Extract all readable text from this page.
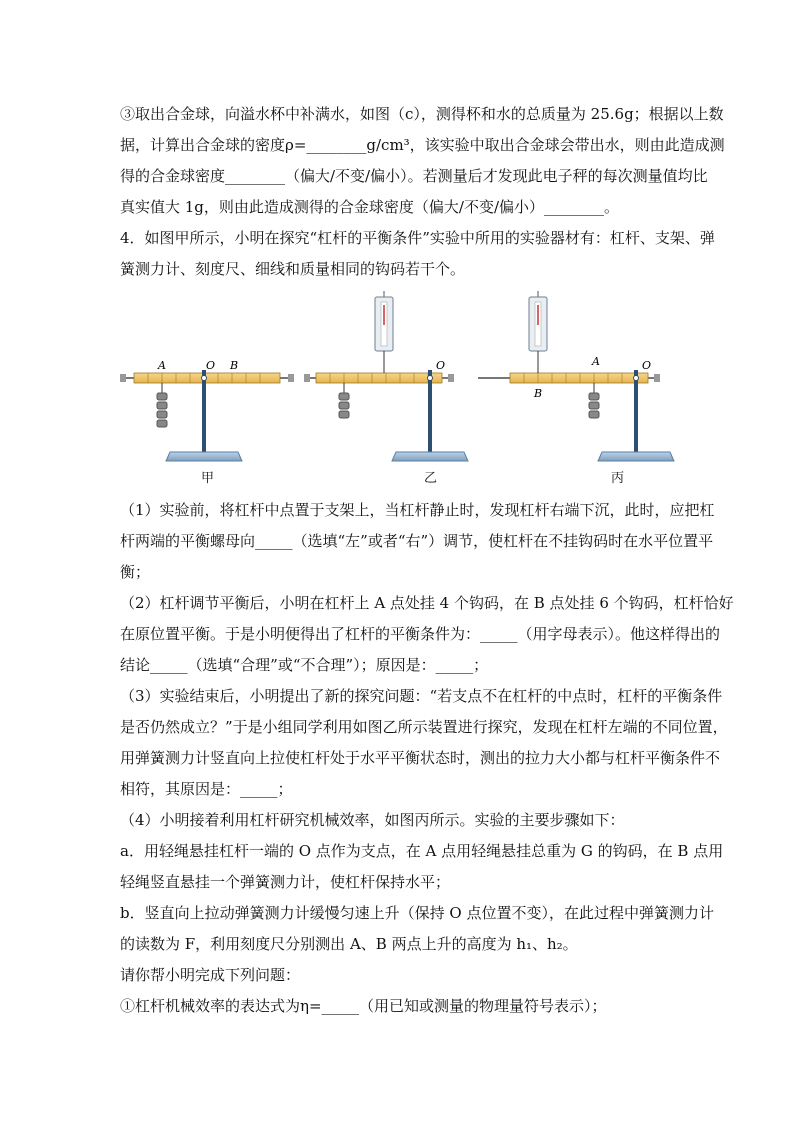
③取出合金球，向溢水杯中补满水，如图（c），测得杯和水的总质量为 25.6g；根据以上数
据，计算出合金球的密度ρ=________g/cm³，该实验中取出合金球会带出水，则由此造成测
得的合金球密度________（偏大/不变/偏小）。若测量后才发现此电子秤的每次测量值均比
真实值大 1g，则由此造成测得的合金球密度（偏大/不变/偏小）________。
4．如图甲所示，小明在探究“杠杆的平衡条件”实验中所用的实验器材有：杠杆、支架、弹
簧测力计、刻度尺、细线和质量相同的钩码若干个。
A	O B	O	A	O
B
甲	乙	丙
（1）实验前，将杠杆中点置于支架上，当杠杆静止时，发现杠杆右端下沉，此时，应把杠
杆两端的平衡螺母向_____（选填“左”或者“右”）调节，使杠杆在不挂钩码时在水平位置平
衡；
（2）杠杆调节平衡后，小明在杠杆上 A 点处挂 4 个钩码，在 B 点处挂 6 个钩码，杠杆恰好
在原位置平衡。于是小明便得出了杠杆的平衡条件为：_____（用字母表示）。他这样得出的
结论_____（选填“合理”或“不合理”）；原因是：_____；
（3）实验结束后，小明提出了新的探究问题：“若支点不在杠杆的中点时，杠杆的平衡条件
是否仍然成立？”于是小组同学利用如图乙所示装置进行探究，发现在杠杆左端的不同位置，
用弹簧测力计竖直向上拉使杠杆处于水平平衡状态时，测出的拉力大小都与杠杆平衡条件不
相符，其原因是：_____；
（4）小明接着利用杠杆研究机械效率，如图丙所示。实验的主要步骤如下：
a．用轻绳悬挂杠杆一端的 O 点作为支点，在 A 点用轻绳悬挂总重为 G 的钩码，在 B 点用
轻绳竖直悬挂一个弹簧测力计，使杠杆保持水平；
b．竖直向上拉动弹簧测力计缓慢匀速上升（保持 O 点位置不变），在此过程中弹簧测力计
的读数为 F，利用刻度尺分别测出 A、B 两点上升的高度为 h₁、h₂。
请你帮小明完成下列问题：
①杠杆机械效率的表达式为η=_____（用已知或测量的物理量符号表示）；
